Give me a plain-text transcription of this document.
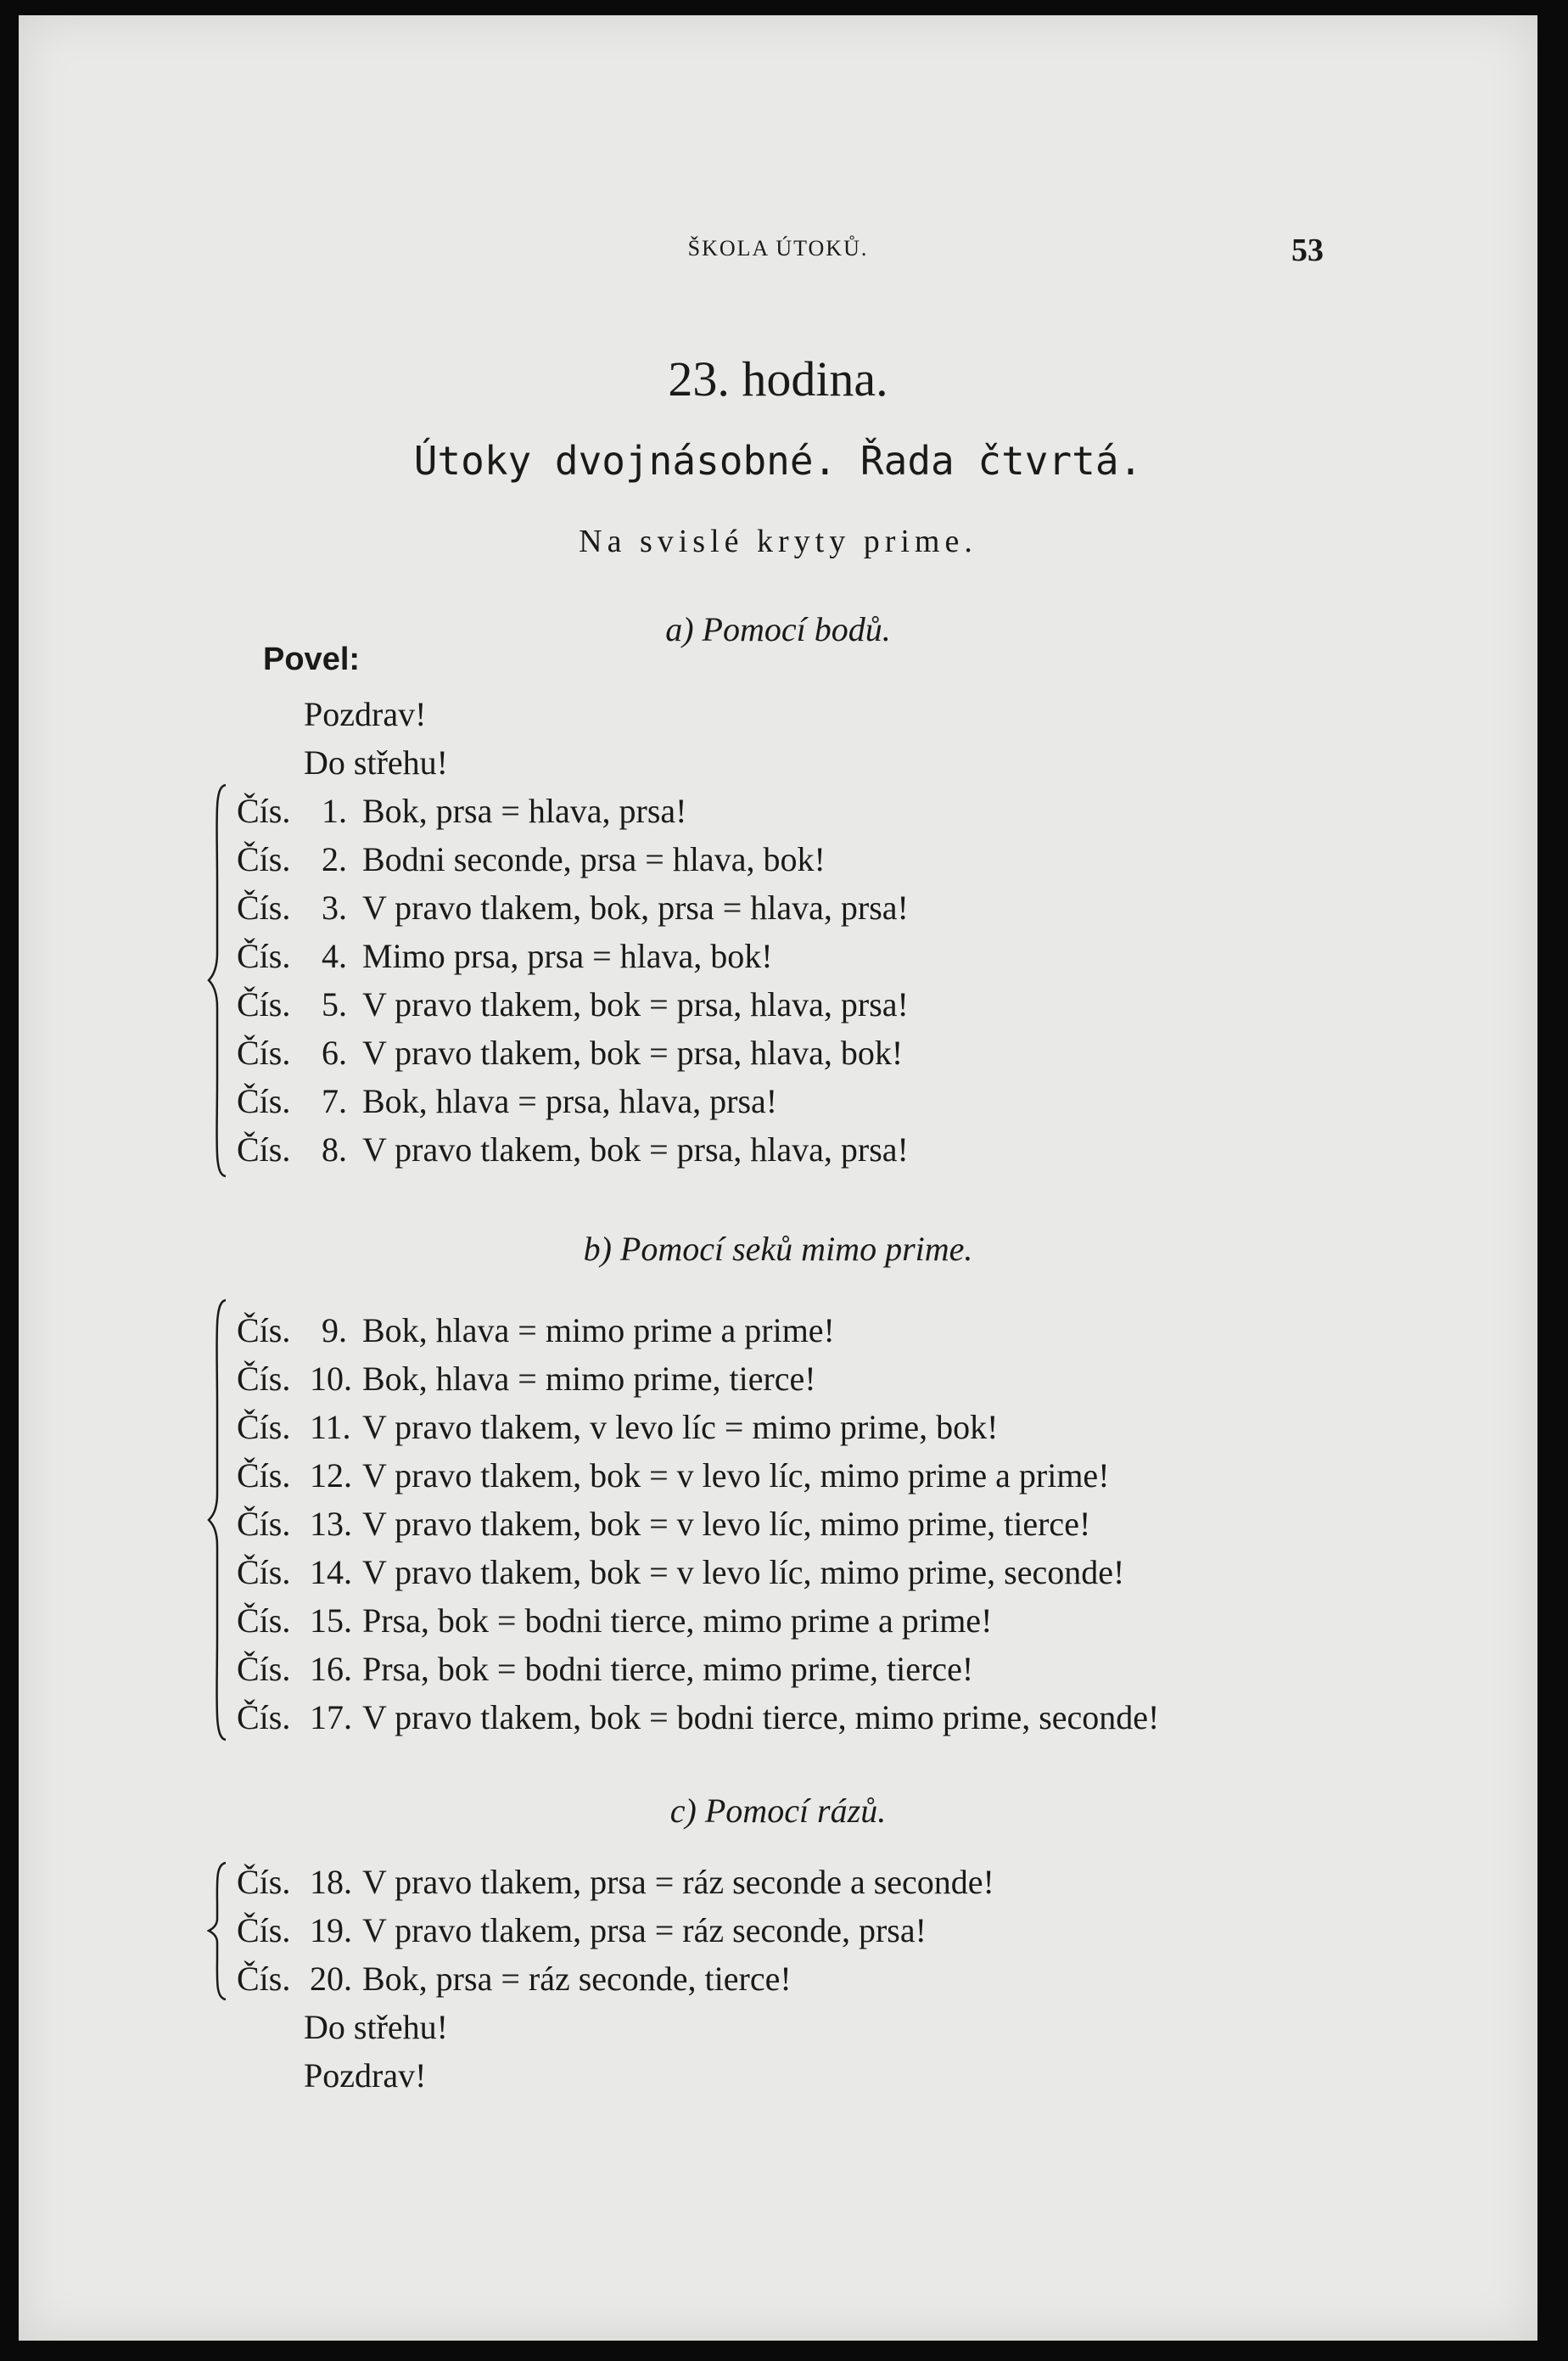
ŠKOLA ÚTOKŮ.	53
23. hodina.
Útoky dvojnásobné. Řada čtvrtá.
Na svislé kryty prime.
a) Pomocí bodů.
Povel:
Pozdrav!
Do střehu!
Čís. 1. Bok, prsa = hlava, prsa!
Čís. 2. Bodni seconde, prsa = hlava, bok!
Čís. 3. V pravo tlakem, bok, prsa = hlava, prsa!
Čís. 4. Mimo prsa, prsa = hlava, bok!
Čís. 5. V pravo tlakem, bok = prsa, hlava, prsa!
Čís. 6. V pravo tlakem, bok = prsa, hlava, bok!
Čís. 7. Bok, hlava = prsa, hlava, prsa!
Čís. 8. V pravo tlakem, bok = prsa, hlava, prsa!
b) Pomocí seků mimo prime.
Čís. 9. Bok, hlava = mimo prime a prime!
Čís. 10. Bok, hlava = mimo prime, tierce!
Čís. 11. V pravo tlakem, v levo líc = mimo prime, bok!
Čís. 12. V pravo tlakem, bok = v levo líc, mimo prime a prime!
Čís. 13. V pravo tlakem, bok = v levo líc, mimo prime, tierce!
Čís. 14. V pravo tlakem, bok = v levo líc, mimo prime, seconde!
Čís. 15. Prsa, bok = bodni tierce, mimo prime a prime!
Čís. 16. Prsa, bok = bodni tierce, mimo prime, tierce!
Čís. 17. V pravo tlakem, bok = bodni tierce, mimo prime, seconde!
c) Pomocí rázů.
Čís. 18. V pravo tlakem, prsa = ráz seconde a seconde!
Čís. 19. V pravo tlakem, prsa = ráz seconde, prsa!
Čís. 20. Bok, prsa = ráz seconde, tierce!
Do střehu!
Pozdrav!
